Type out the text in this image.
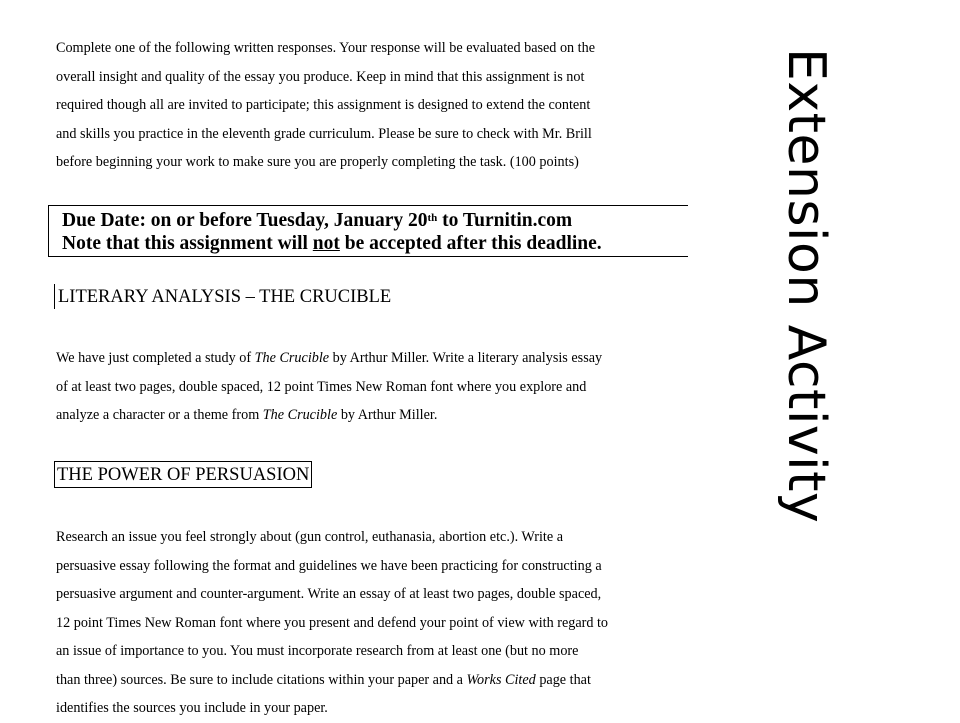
Complete one of the following written responses. Your response will be evaluated based on the
overall insight and quality of the essay you produce. Keep in mind that this assignment is not
required though all are invited to participate; this assignment is designed to extend the content
and skills you practice in the eleventh grade curriculum. Please be sure to check with Mr. Brill
before beginning your work to make sure you are properly completing the task. (100 points)
Due Date: on or before Tuesday, January 20th to Turnitin.com
Note that this assignment will not be accepted after this deadline.
LITERARY ANALYSIS – THE CRUCIBLE
We have just completed a study of The Crucible by Arthur Miller. Write a literary analysis essay
of at least two pages, double spaced, 12 point Times New Roman font where you explore and
analyze a character or a theme from The Crucible by Arthur Miller.
THE POWER OF PERSUASION
Research an issue you feel strongly about (gun control, euthanasia, abortion etc.). Write a
persuasive essay following the format and guidelines we have been practicing for constructing a
persuasive argument and counter-argument. Write an essay of at least two pages, double spaced,
12 point Times New Roman font where you present and defend your point of view with regard to
an issue of importance to you. You must incorporate research from at least one (but no more
than three) sources. Be sure to include citations within your paper and a Works Cited page that
identifies the sources you include in your paper.
Extension Activity
